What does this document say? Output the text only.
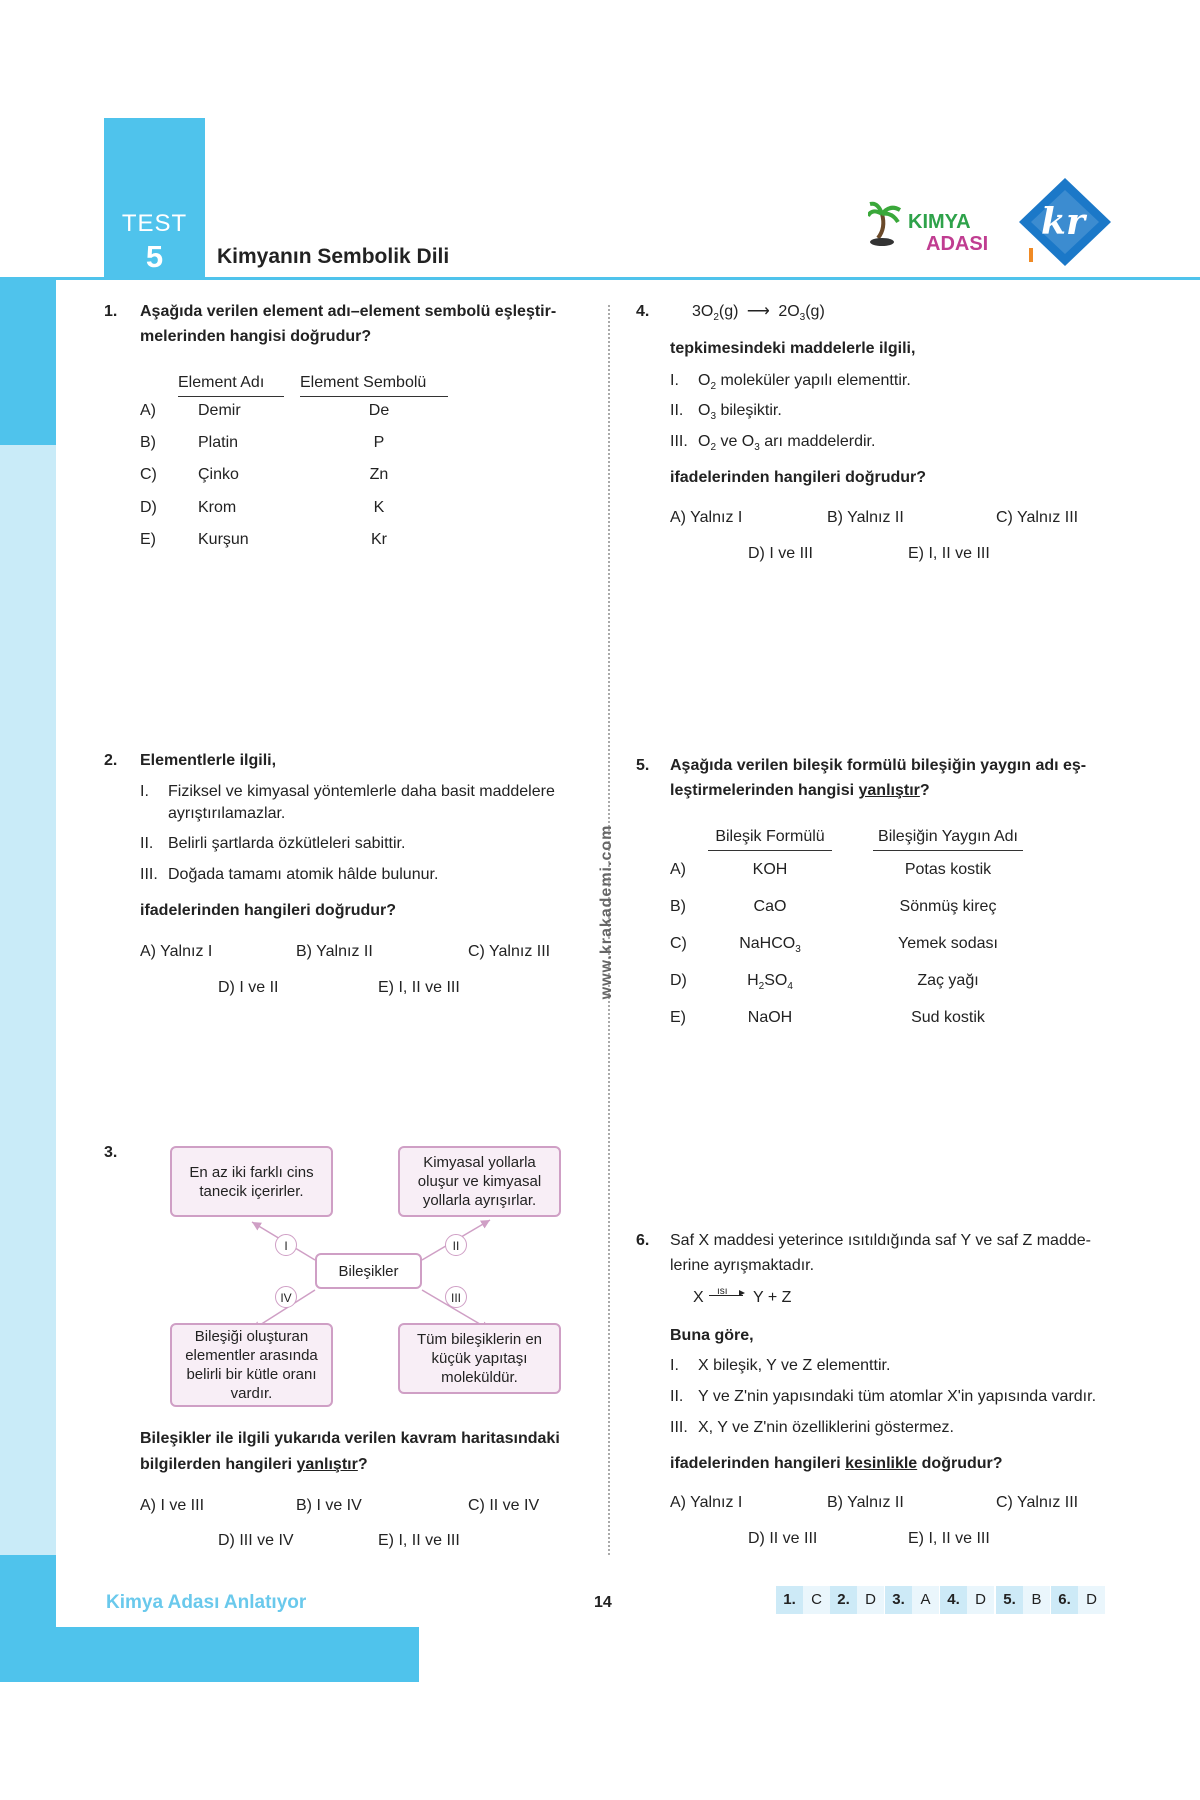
TEST
5	Kimyanın Sembolik Dili
KIMYA
ADASI
kr
www.krakademi.com
1. Aşağıda verilen element adı–element sembolü eşleştir-
melerinden hangisi doğrudur?
Element Adı	Element Sembolü
A)	Demir	De
B)	Platin	P
C)	Çinko	Zn
D)	Krom	K
E)	Kurşun	Kr
2. Elementlerle ilgili,
I. Fiziksel ve kimyasal yöntemlerle daha basit maddelere
ayrıştırılamazlar.
II. Belirli şartlarda özkütleleri sabittir.
III. Doğada tamamı atomik hâlde bulunur.
ifadelerinden hangileri doğrudur?
A) Yalnız I	B) Yalnız II	C) Yalnız III
D) I ve II	E) I, II ve III
3.
En az iki farklı cins tanecik içerirler.
Kimyasal yollarla oluşur ve kimyasal yollarla ayrışırlar.
Bileşikler
Bileşiği oluşturan elementler arasında belirli bir kütle oranı vardır.
Tüm bileşiklerin en küçük yapıtaşı moleküldür.
I	II
IV	III
Bileşikler ile ilgili yukarıda verilen kavram haritasındaki
bilgilerden hangileri yanlıştır?
A) I ve III	B) I ve IV	C) II ve IV
D) III ve IV	E) I, II ve III
4.	$3O_2(g)$ ⟶ $2O_3(g)$
tepkimesindeki maddelerle ilgili,
I. $O_2$ moleküler yapılı elementtir.
II. $O_3$ bileşiktir.
III. $O_2$ ve $O_3$ arı maddelerdir.
ifadelerinden hangileri doğrudur?
A) Yalnız I	B) Yalnız II	C) Yalnız III
D) I ve III	E) I, II ve III
5. Aşağıda verilen bileşik formülü bileşiğin yaygın adı eş-
leştirmelerinden hangisi yanlıştır?
Bileşik Formülü	Bileşiğin Yaygın Adı
A)	KOH	Potas kostik
B)	CaO	Sönmüş kireç
C)	NaHCO$_3$	Yemek sodası
D)	$H_2SO_4$	Zaç yağı
E)	NaOH	Sud kostik
6. Saf X maddesi yeterince ısıtıldığında saf Y ve saf Z madde-
lerine ayrışmaktadır.
X ısı Y + Z
Buna göre,
I. X bileşik, Y ve Z elementtir.
II. Y ve Z'nin yapısındaki tüm atomlar X'in yapısında vardır.
III. X, Y ve Z'nin özelliklerini göstermez.
ifadelerinden hangileri kesinlikle doğrudur?
A) Yalnız I	B) Yalnız II	C) Yalnız III
D) II ve III	E) I, II ve III
Kimya Adası Anlatıyor	14	1.	C	2.	D	3.	A	4.	D	5.	B	6.	D
